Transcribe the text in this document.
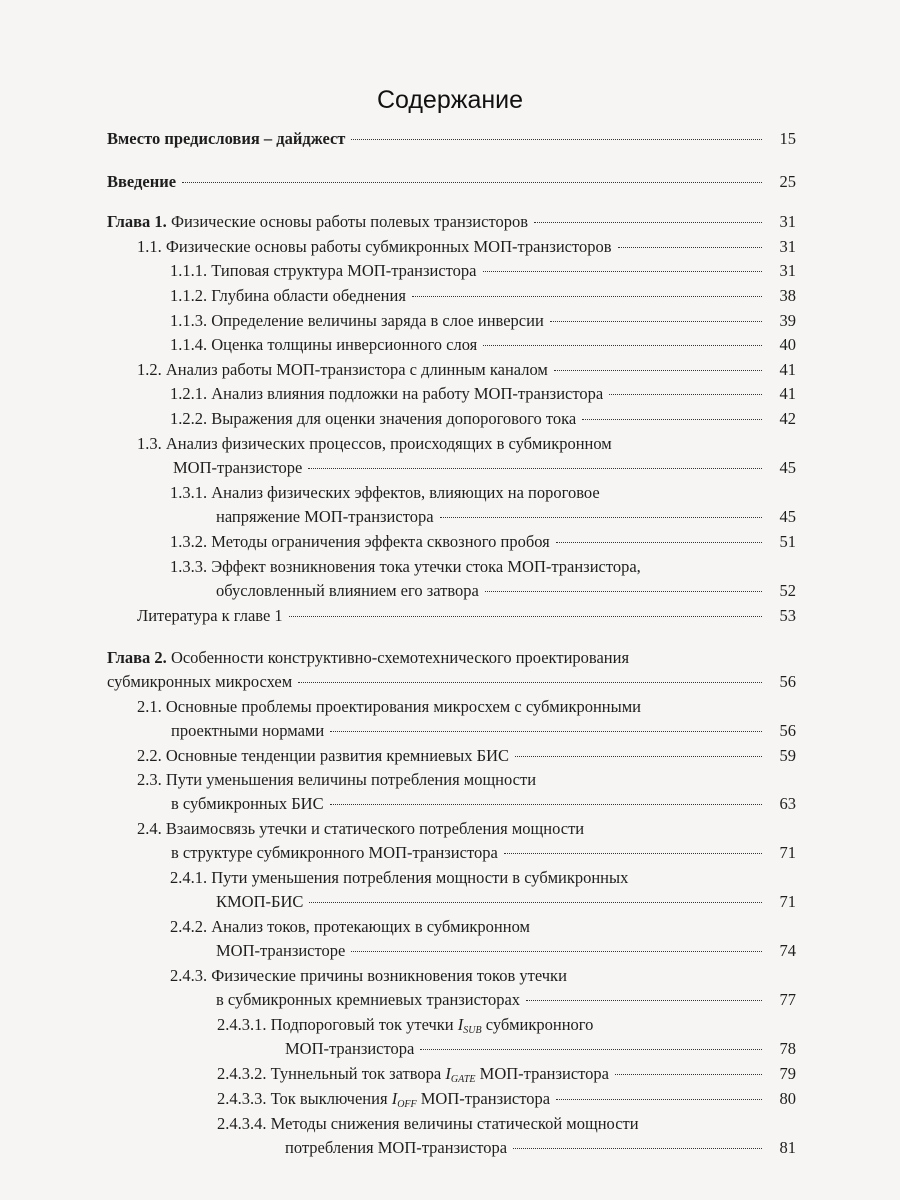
Содержание
Вместо предисловия – дайджест	15
Введение	25
Глава 1. Физические основы работы полевых транзисторов	31
1.1. Физические основы работы субмикронных МОП-транзисторов	31
1.1.1. Типовая структура МОП-транзистора	31
1.1.2. Глубина области обеднения	38
1.1.3. Определение величины заряда в слое инверсии	39
1.1.4. Оценка толщины инверсионного слоя	40
1.2. Анализ работы МОП-транзистора с длинным каналом	41
1.2.1. Анализ влияния подложки на работу МОП-транзистора	41
1.2.2. Выражения для оценки значения допорогового тока	42
1.3. Анализ физических процессов, происходящих в субмикронном
МОП-транзисторе	45
1.3.1. Анализ физических эффектов, влияющих на пороговое
напряжение МОП-транзистора	45
1.3.2. Методы ограничения эффекта сквозного пробоя	51
1.3.3. Эффект возникновения тока утечки стока МОП-транзистора,
обусловленный влиянием его затвора	52
Литература к главе 1	53
Глава 2. Особенности конструктивно-схемотехнического проектирования
субмикронных микросхем	56
2.1. Основные проблемы проектирования микросхем с субмикронными
проектными нормами	56
2.2. Основные тенденции развития кремниевых БИС	59
2.3. Пути уменьшения величины потребления мощности
в субмикронных БИС	63
2.4. Взаимосвязь утечки и статического потребления мощности
в структуре субмикронного МОП-транзистора	71
2.4.1. Пути уменьшения потребления мощности в субмикронных
КМОП-БИС	71
2.4.2. Анализ токов, протекающих в субмикронном
МОП-транзисторе	74
2.4.3. Физические причины возникновения токов утечки
в субмикронных кремниевых транзисторах	77
2.4.3.1. Подпороговый ток утечки $I_{SUB}$ субмикронного
МОП-транзистора	78
2.4.3.2. Туннельный ток затвора $I_{GATE}$ МОП-транзистора	79
2.4.3.3. Ток выключения $I_{OFF}$ МОП-транзистора	80
2.4.3.4. Методы снижения величины статической мощности
потребления МОП-транзистора	81
